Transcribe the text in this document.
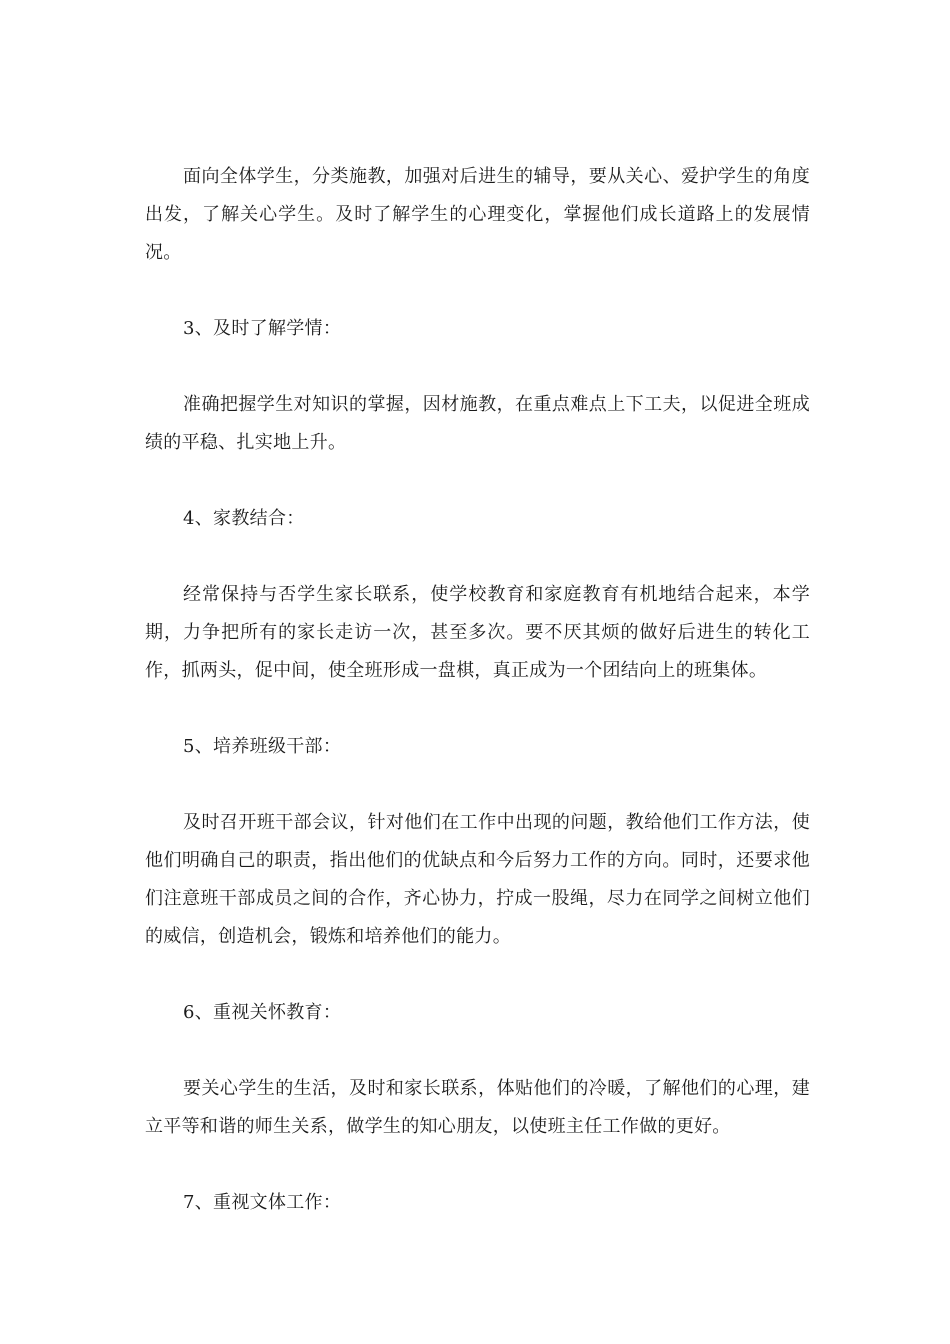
面向全体学生，分类施教，加强对后进生的辅导，要从关心、爱护学生的角度出发，了解关心学生。及时了解学生的心理变化，掌握他们成长道路上的发展情况。

3、及时了解学情：

准确把握学生对知识的掌握，因材施教，在重点难点上下工夫，以促进全班成绩的平稳、扎实地上升。

4、家教结合：

经常保持与否学生家长联系，使学校教育和家庭教育有机地结合起来，本学期，力争把所有的家长走访一次，甚至多次。要不厌其烦的做好后进生的转化工作，抓两头，促中间，使全班形成一盘棋，真正成为一个团结向上的班集体。

5、培养班级干部：

及时召开班干部会议，针对他们在工作中出现的问题，教给他们工作方法，使他们明确自己的职责，指出他们的优缺点和今后努力工作的方向。同时，还要求他们注意班干部成员之间的合作，齐心协力，拧成一股绳，尽力在同学之间树立他们的威信，创造机会，锻炼和培养他们的能力。

6、重视关怀教育：

要关心学生的生活，及时和家长联系，体贴他们的冷暖，了解他们的心理，建立平等和谐的师生关系，做学生的知心朋友，以使班主任工作做的更好。

7、重视文体工作：
